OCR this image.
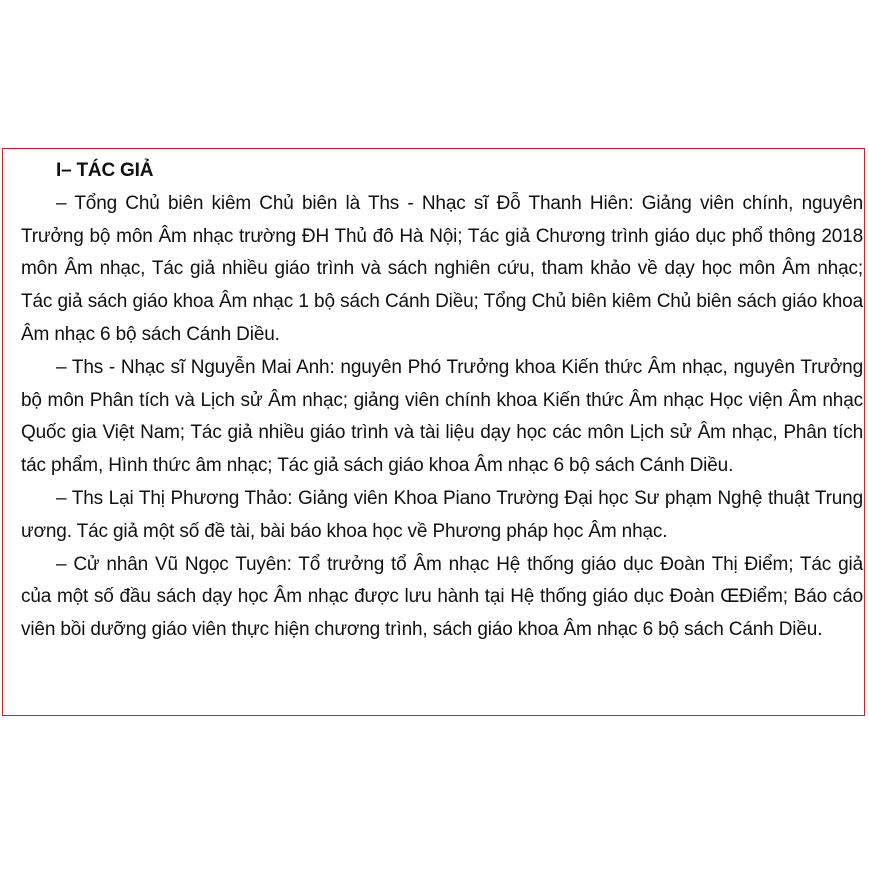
I– TÁC GIẢ

– Tổng Chủ biên kiêm Chủ biên là Ths - Nhạc sĩ Đỗ Thanh Hiên: Giảng viên chính, nguyên Trưởng bộ môn Âm nhạc trường ĐH Thủ đô Hà Nội; Tác giả Chương trình giáo dục phổ thông 2018 môn Âm nhạc, Tác giả nhiều giáo trình và sách nghiên cứu, tham khảo về dạy học môn Âm nhạc; Tác giả sách giáo khoa Âm nhạc 1 bộ sách Cánh Diều; Tổng Chủ biên kiêm Chủ biên sách giáo khoa Âm nhạc 6 bộ sách Cánh Diều.

– Ths - Nhạc sĩ Nguyễn Mai Anh: nguyên Phó Trưởng khoa Kiến thức Âm nhạc, nguyên Trưởng bộ môn Phân tích và Lịch sử Âm nhạc; giảng viên chính khoa Kiến thức Âm nhạc Học viện Âm nhạc Quốc gia Việt Nam; Tác giả nhiều giáo trình và tài liệu dạy học các môn Lịch sử Âm nhạc, Phân tích tác phẩm, Hình thức âm nhạc; Tác giả sách giáo khoa Âm nhạc 6 bộ sách Cánh Diều.

– Ths Lại Thị Phương Thảo: Giảng viên Khoa Piano Trường Đại học Sư phạm Nghệ thuật Trung ương. Tác giả một số đề tài, bài báo khoa học về Phương pháp học Âm nhạc.

– Cử nhân Vũ Ngọc Tuyên: Tổ trưởng tổ Âm nhạc Hệ thống giáo dục Đoàn Thị Điểm; Tác giả của một số đầu sách dạy học Âm nhạc được lưu hành tại Hệ thống giáo dục Đoàn ŒĐiểm; Báo cáo viên bồi dưỡng giáo viên thực hiện chương trình, sách giáo khoa Âm nhạc 6 bộ sách Cánh Diều.
